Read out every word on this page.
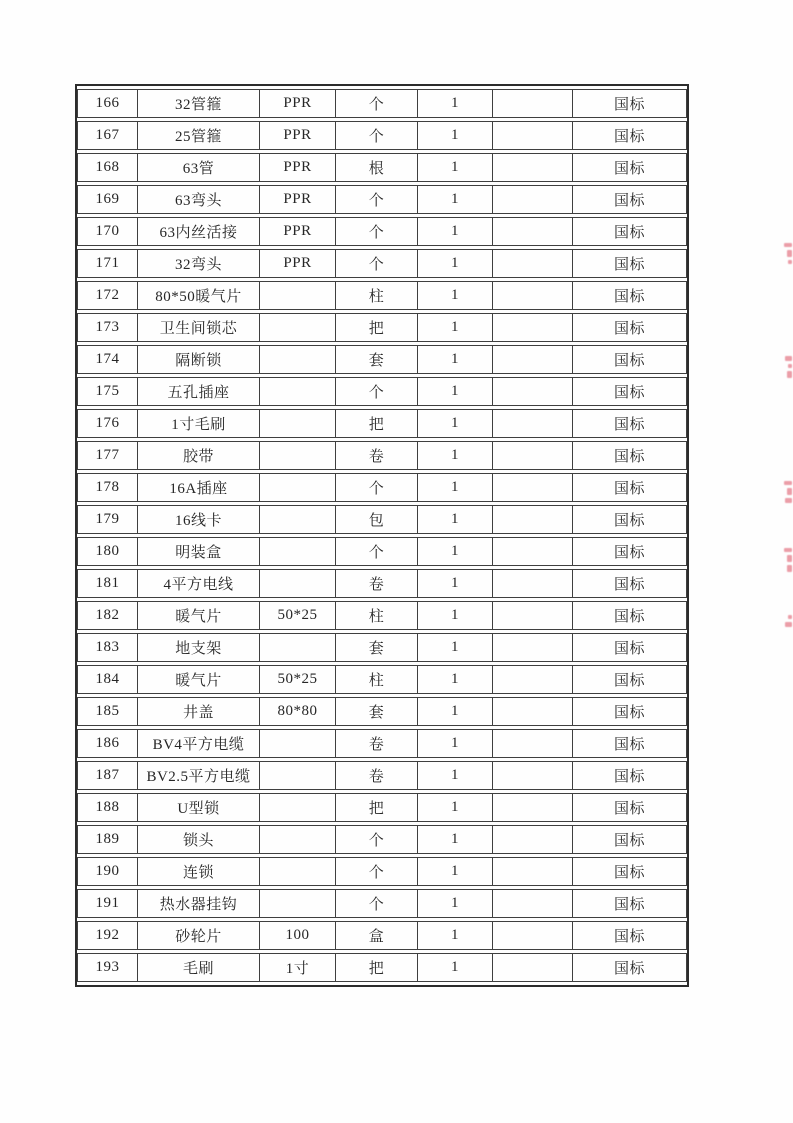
166	32管箍	PPR	个	1		国标
167	25管箍	PPR	个	1		国标
168	63管	PPR	根	1		国标
169	63弯头	PPR	个	1		国标
170	63内丝活接	PPR	个	1		国标
171	32弯头	PPR	个	1		国标
172	80*50暖气片		柱	1		国标
173	卫生间锁芯		把	1		国标
174	隔断锁		套	1		国标
175	五孔插座		个	1		国标
176	1寸毛刷		把	1		国标
177	胶带		卷	1		国标
178	16A插座		个	1		国标
179	16线卡		包	1		国标
180	明装盒		个	1		国标
181	4平方电线		卷	1		国标
182	暖气片	50*25	柱	1		国标
183	地支架		套	1		国标
184	暖气片	50*25	柱	1		国标
185	井盖	80*80	套	1		国标
186	BV4平方电缆		卷	1		国标
187	BV2.5平方电缆		卷	1		国标
188	U型锁		把	1		国标
189	锁头		个	1		国标
190	连锁		个	1		国标
191	热水器挂钩		个	1		国标
192	砂轮片	100	盒	1		国标
193	毛刷	1寸	把	1		国标
